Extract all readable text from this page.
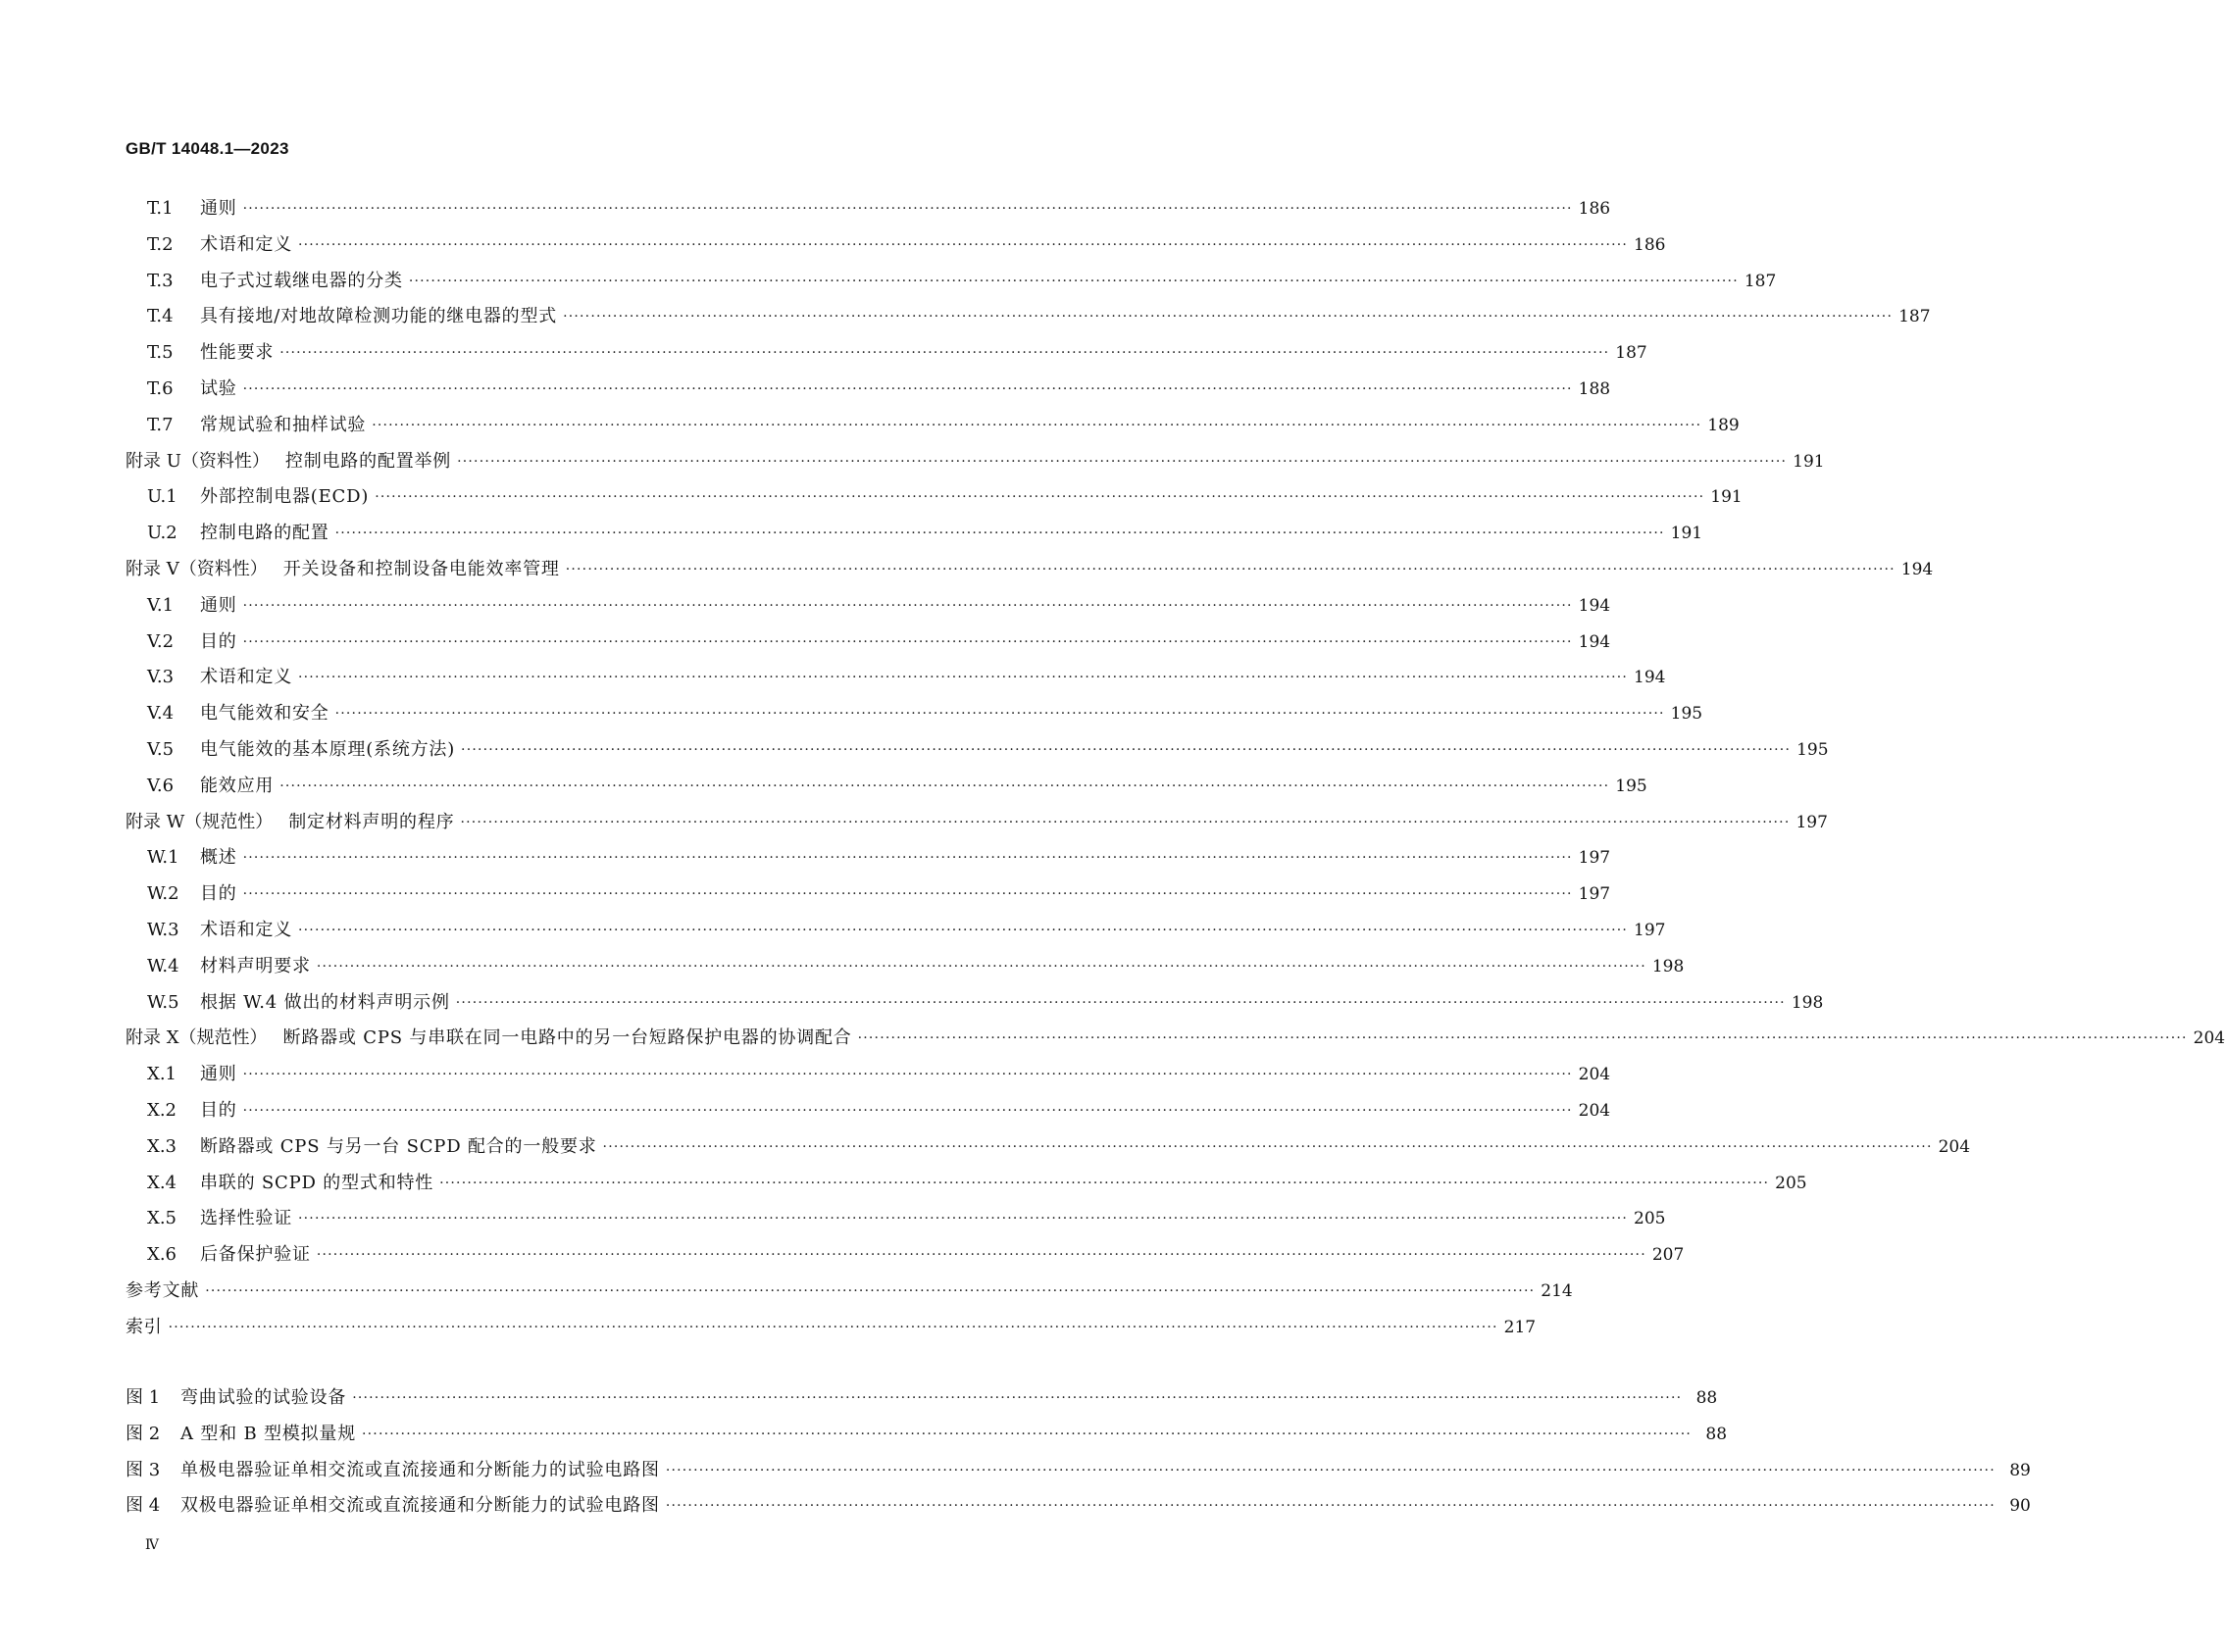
GB/T 14048.1—2023
T.1	通则 ················································································································································································································································ 186
T.2	术语和定义 ················································································································································································································································ 186
T.3	电子式过载继电器的分类 ················································································································································································································································ 187
T.4	具有接地/对地故障检测功能的继电器的型式 ················································································································································································································································ 187
T.5	性能要求 ················································································································································································································································ 187
T.6	试验 ················································································································································································································································ 188
T.7	常规试验和抽样试验 ················································································································································································································································ 189
附录 U（资料性） 控制电路的配置举例 ················································································································································································································································ 191
U.1	外部控制电器(ECD) ················································································································································································································································ 191
U.2	控制电路的配置 ················································································································································································································································ 191
附录 V（资料性） 开关设备和控制设备电能效率管理 ················································································································································································································································ 194
V.1	通则 ················································································································································································································································ 194
V.2	目的 ················································································································································································································································ 194
V.3	术语和定义 ················································································································································································································································ 194
V.4	电气能效和安全 ················································································································································································································································ 195
V.5	电气能效的基本原理(系统方法) ················································································································································································································································ 195
V.6	能效应用 ················································································································································································································································ 195
附录 W（规范性） 制定材料声明的程序 ················································································································································································································································ 197
W.1	概述 ················································································································································································································································ 197
W.2	目的 ················································································································································································································································ 197
W.3	术语和定义 ················································································································································································································································ 197
W.4	材料声明要求 ················································································································································································································································ 198
W.5	根据 W.4 做出的材料声明示例 ················································································································································································································································ 198
附录 X（规范性） 断路器或 CPS 与串联在同一电路中的另一台短路保护电器的协调配合 ················································································································································································································································ 204
X.1	通则 ················································································································································································································································ 204
X.2	目的 ················································································································································································································································ 204
X.3	断路器或 CPS 与另一台 SCPD 配合的一般要求 ················································································································································································································································ 204
X.4	串联的 SCPD 的型式和特性 ················································································································································································································································ 205
X.5	选择性验证 ················································································································································································································································ 205
X.6	后备保护验证 ················································································································································································································································ 207
参考文献 ················································································································································································································································ 214
索引 ················································································································································································································································ 217
图 1	弯曲试验的试验设备 ················································································································································································································································ 88
图 2	A 型和 B 型模拟量规 ················································································································································································································································ 88
图 3	单极电器验证单相交流或直流接通和分断能力的试验电路图 ················································································································································································································································ 89
图 4	双极电器验证单相交流或直流接通和分断能力的试验电路图 ················································································································································································································································ 90
Ⅳ
